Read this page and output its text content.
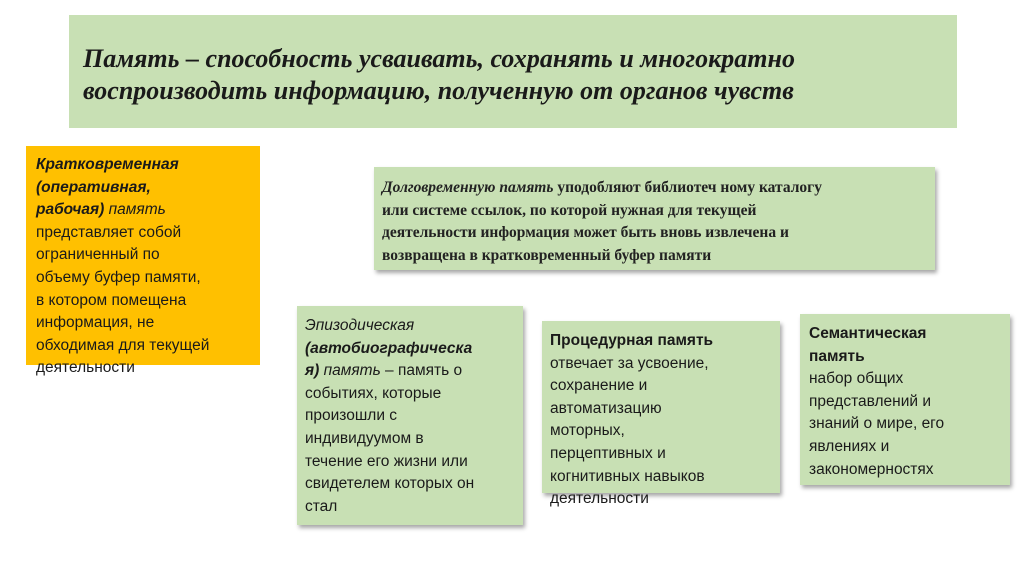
Память – способность усваивать, сохранять и многократно
воспроизводить информацию, полученную от органов чувств
Кратковременная
(оперативная,
рабочая) память
представляет собой
ограниченный по
объему буфер памяти,
в котором помещена
информация, не
обходимая для текущей
деятельности
Долговременную память уподобляют библиотеч ному каталогу
или системе ссылок, по которой нужная для текущей
деятельности информация может быть вновь извлечена и
возвращена в кратковременный буфер памяти
Эпизодическая
(автобиографическа
я) память – память о
событиях, которые
произошли с
индивидуумом в
течение его жизни или
свидетелем которых он
стал
Процедурная память
отвечает за усвоение,
сохранение и
автоматизацию
моторных,
перцептивных и
когнитивных навыков
деятельности
Семантическая
память
набор общих
представлений и
знаний о мире, его
явлениях и
закономерностях
